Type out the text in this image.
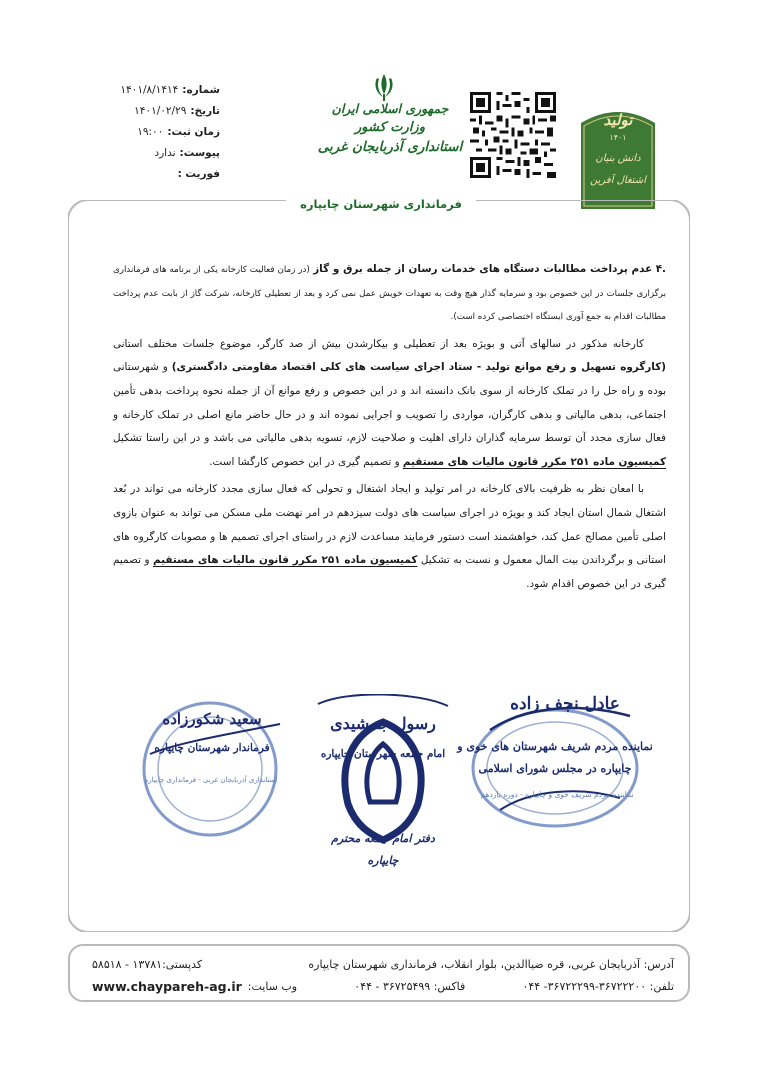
شماره:
۱۴۰۱/۸/۱۴۱۴
تاریخ:
۱۴۰۱/۰۲/۲۹
زمان ثبت:
۱۹:۰۰
پیوست:
ندارد
فوریت :
جمهوری اسلامی ایران
وزارت کشور
استانداری آذربایجان غربی
تولید
۱۴۰۱
دانش بنیان
اشتغال آفرین
فرمانداری شهرستان چایپاره

.۴ عدم پرداخت مطالبات دستگاه های خدمات رسان از جمله برق و گاز (در زمان فعالیت کارخانه یکی از برنامه های فرمانداری برگزاری جلسات در این خصوص بود و سرمایه گذار هیچ وقت به تعهدات خویش عمل نمی کرد و بعد از تعطیلی کارخانه، شرکت گاز از بابت عدم پرداخت مطالبات اقدام به جمع آوری ایستگاه اختصاصی کرده است).

کارخانه مذکور در سالهای آتی و بویژه بعد از تعطیلی و بیکارشدن بیش از صد کارگر، موضوع جلسات مختلف استانی (کارگروه تسهیل و رفع موانع تولید - ستاد اجرای سیاست های کلی اقتصاد مقاومتی دادگستری) و شهرستانی بوده و راه حل را در تملک کارخانه از سوی بانک دانسته اند و در این خصوص و رفع موانع آن از جمله نحوه پرداخت بدهی تأمین اجتماعی، بدهی مالیاتی و بدهی کارگران، مواردی را تصویب و اجرایی نموده اند و در حال حاضر مانع اصلی در تملک کارخانه و فعال سازی مجدد آن توسط سرمایه گذاران دارای اهلیت و صلاحیت لازم، تسویه بدهی مالیاتی می باشد و در این راستا تشکیل کمیسیون ماده ۲۵۱ مکرر قانون مالیات های مستقیم و تصمیم گیری در این خصوص کارگشا است.

با امعان نظر به ظرفیت بالای کارخانه در امر تولید و ایجاد اشتغال و تحولی که فعال سازی مجدد کارخانه می تواند در بُعد اشتغال شمال استان ایجاد کند و بویژه در اجرای سیاست های دولت سیزدهم در امر نهضت ملی مسکن می تواند به عنوان بازوی اصلی تأمین مصالح عمل کند، خواهشمند است دستور فرمایند مساعدت لازم در راستای اجرای تصمیم ها و مصوبات کارگروه های استانی و برگرداندن بیت المال معمول و نسبت به تشکیل کمیسیون ماده ۲۵۱ مکرر قانون مالیات های مستقیم و تصمیم گیری در این خصوص اقدام شود.

عادل نجف زاده
نماینده مردم شریف شهرستان های خوی و
چایپاره در مجلس شورای اسلامی
نماینده مردم شریف خوی و چایپاره - دوره یازدهم
رسول جمشیدی
امام جمعه شهرستان چایپاره
دفتر امام جمعه محترم
چایپاره
سعید شکورزاده
فرماندار شهرستان چایپاره
استانداری آذربایجان غربی - فرمانداری چایپاره
آدرس: آذربایجان غربی، قره ضیاالدین، بلوار انقلاب، فرمانداری شهرستان چایپاره
کدپستی:۱۳۷۸۱ - ۵۸۵۱۸
تلفن: ۳۶۷۲۲۲۰۰-۳۶۷۲۲۲۹۹- ۰۴۴
فاکس: ۳۶۷۲۵۴۹۹ - ۰۴۴
وب سایت:
www.chaypareh-ag.ir
